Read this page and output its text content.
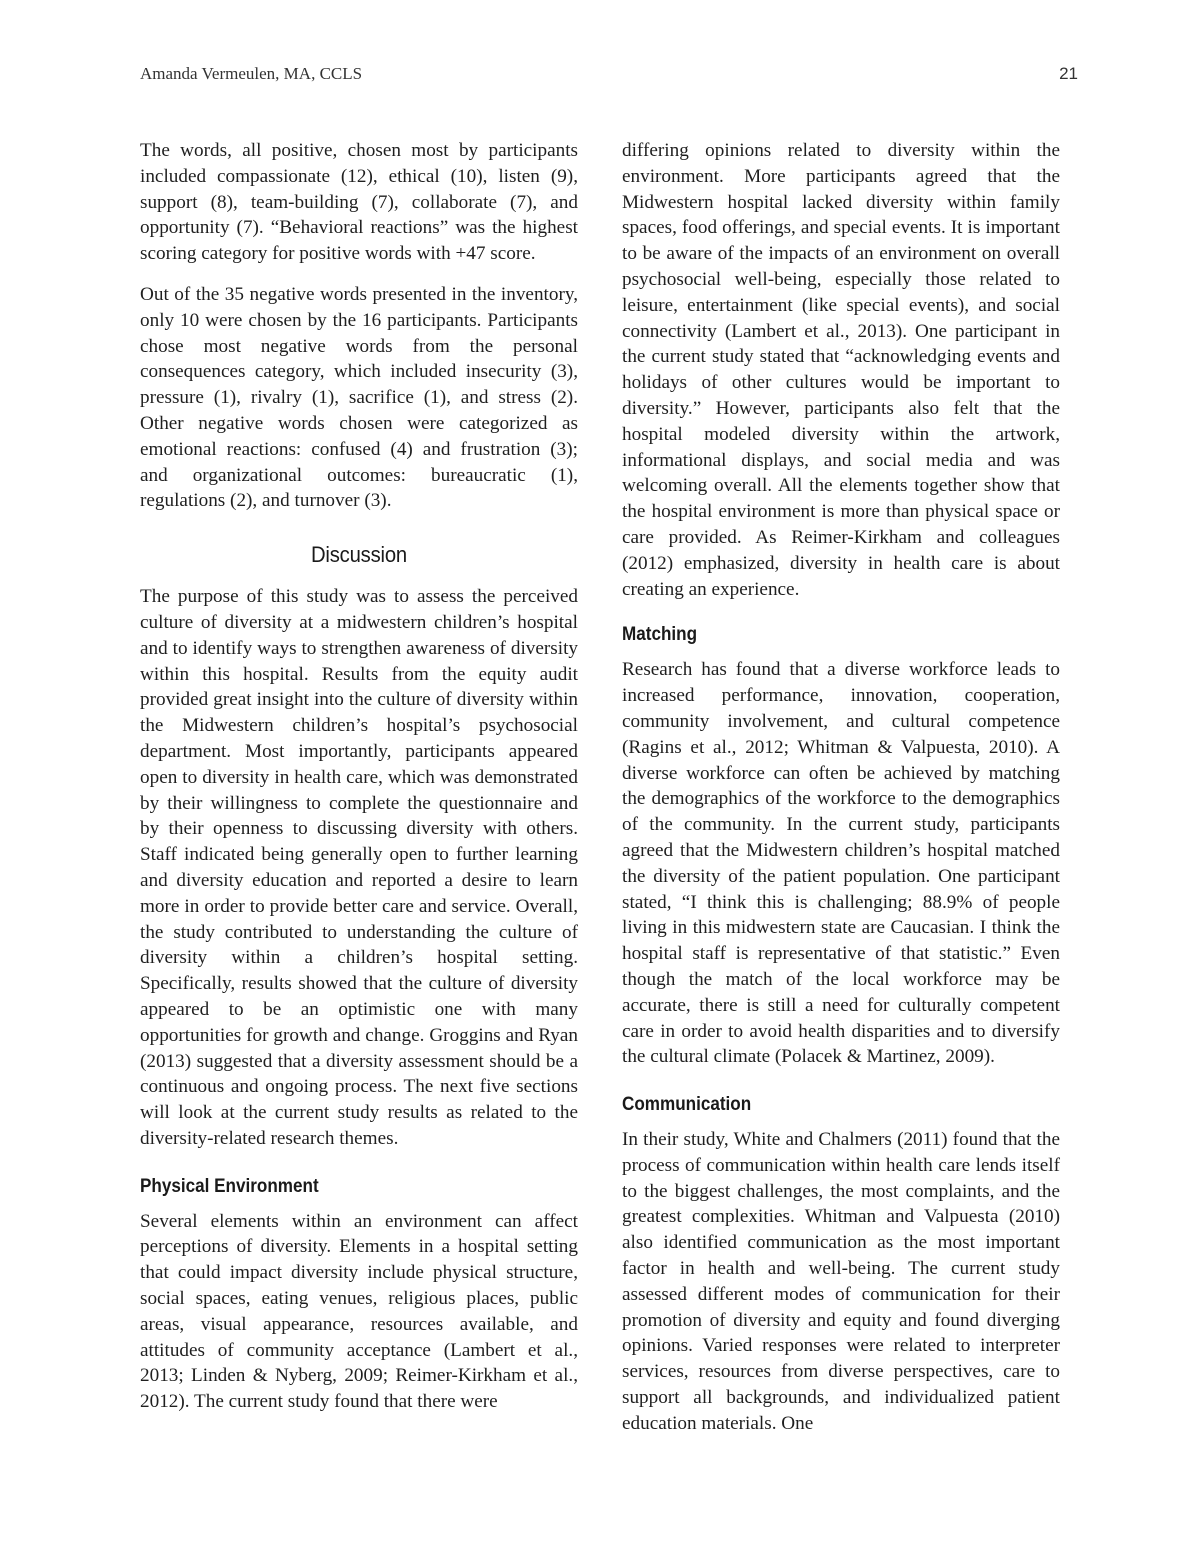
Amanda Vermeulen, MA, CCLS	21

The words, all positive, chosen most by participants included compassionate (12), ethical (10), listen (9), support (8), team-building (7), collaborate (7), and opportunity (7). “Behavioral reactions” was the highest scoring category for positive words with +47 score.

Out of the 35 negative words presented in the inventory, only 10 were chosen by the 16 participants. Participants chose most negative words from the personal consequences category, which included insecurity (3), pressure (1), rivalry (1), sacrifice (1), and stress (2). Other negative words chosen were categorized as emotional reactions: confused (4) and frustration (3); and organizational outcomes: bureaucratic (1), regulations (2), and turnover (3).

Discussion

The purpose of this study was to assess the perceived culture of diversity at a midwestern children’s hospital and to identify ways to strengthen awareness of diversity within this hospital. Results from the equity audit provided great insight into the culture of diversity within the Midwestern children’s hospital’s psychosocial department. Most importantly, participants appeared open to diversity in health care, which was demonstrated by their willingness to complete the questionnaire and by their openness to discussing diversity with others. Staff indicated being generally open to further learning and diversity education and reported a desire to learn more in order to provide better care and service. Overall, the study contributed to understanding the culture of diversity within a children’s hospital setting. Specifically, results showed that the culture of diversity appeared to be an optimistic one with many opportunities for growth and change. Groggins and Ryan (2013) suggested that a diversity assessment should be a continuous and ongoing process. The next five sections will look at the current study results as related to the diversity-related research themes.

Physical Environment

Several elements within an environment can affect perceptions of diversity. Elements in a hospital setting that could impact diversity include physical structure, social spaces, eating venues, religious places, public areas, visual appearance, resources available, and attitudes of community acceptance (Lambert et al., 2013; Linden & Nyberg, 2009; Reimer-Kirkham et al., 2012). The current study found that there were

differing opinions related to diversity within the environment. More participants agreed that the Midwestern hospital lacked diversity within family spaces, food offerings, and special events. It is important to be aware of the impacts of an environment on overall psychosocial well-being, especially those related to leisure, entertainment (like special events), and social connectivity (Lambert et al., 2013). One participant in the current study stated that “acknowledging events and holidays of other cultures would be important to diversity.” However, participants also felt that the hospital modeled diversity within the artwork, informational displays, and social media and was welcoming overall. All the elements together show that the hospital environment is more than physical space or care provided. As Reimer-Kirkham and colleagues (2012) emphasized, diversity in health care is about creating an experience.

Matching

Research has found that a diverse workforce leads to increased performance, innovation, cooperation, community involvement, and cultural competence (Ragins et al., 2012; Whitman & Valpuesta, 2010). A diverse workforce can often be achieved by matching the demographics of the workforce to the demographics of the community. In the current study, participants agreed that the Midwestern children’s hospital matched the diversity of the patient population. One participant stated, “I think this is challenging; 88.9% of people living in this midwestern state are Caucasian. I think the hospital staff is representative of that statistic.” Even though the match of the local workforce may be accurate, there is still a need for culturally competent care in order to avoid health disparities and to diversify the cultural climate (Polacek & Martinez, 2009).

Communication

In their study, White and Chalmers (2011) found that the process of communication within health care lends itself to the biggest challenges, the most complaints, and the greatest complexities. Whitman and Valpuesta (2010) also identified communication as the most important factor in health and well-being. The current study assessed different modes of communication for their promotion of diversity and equity and found diverging opinions. Varied responses were related to interpreter services, resources from diverse perspectives, care to support all backgrounds, and individualized patient education materials. One
